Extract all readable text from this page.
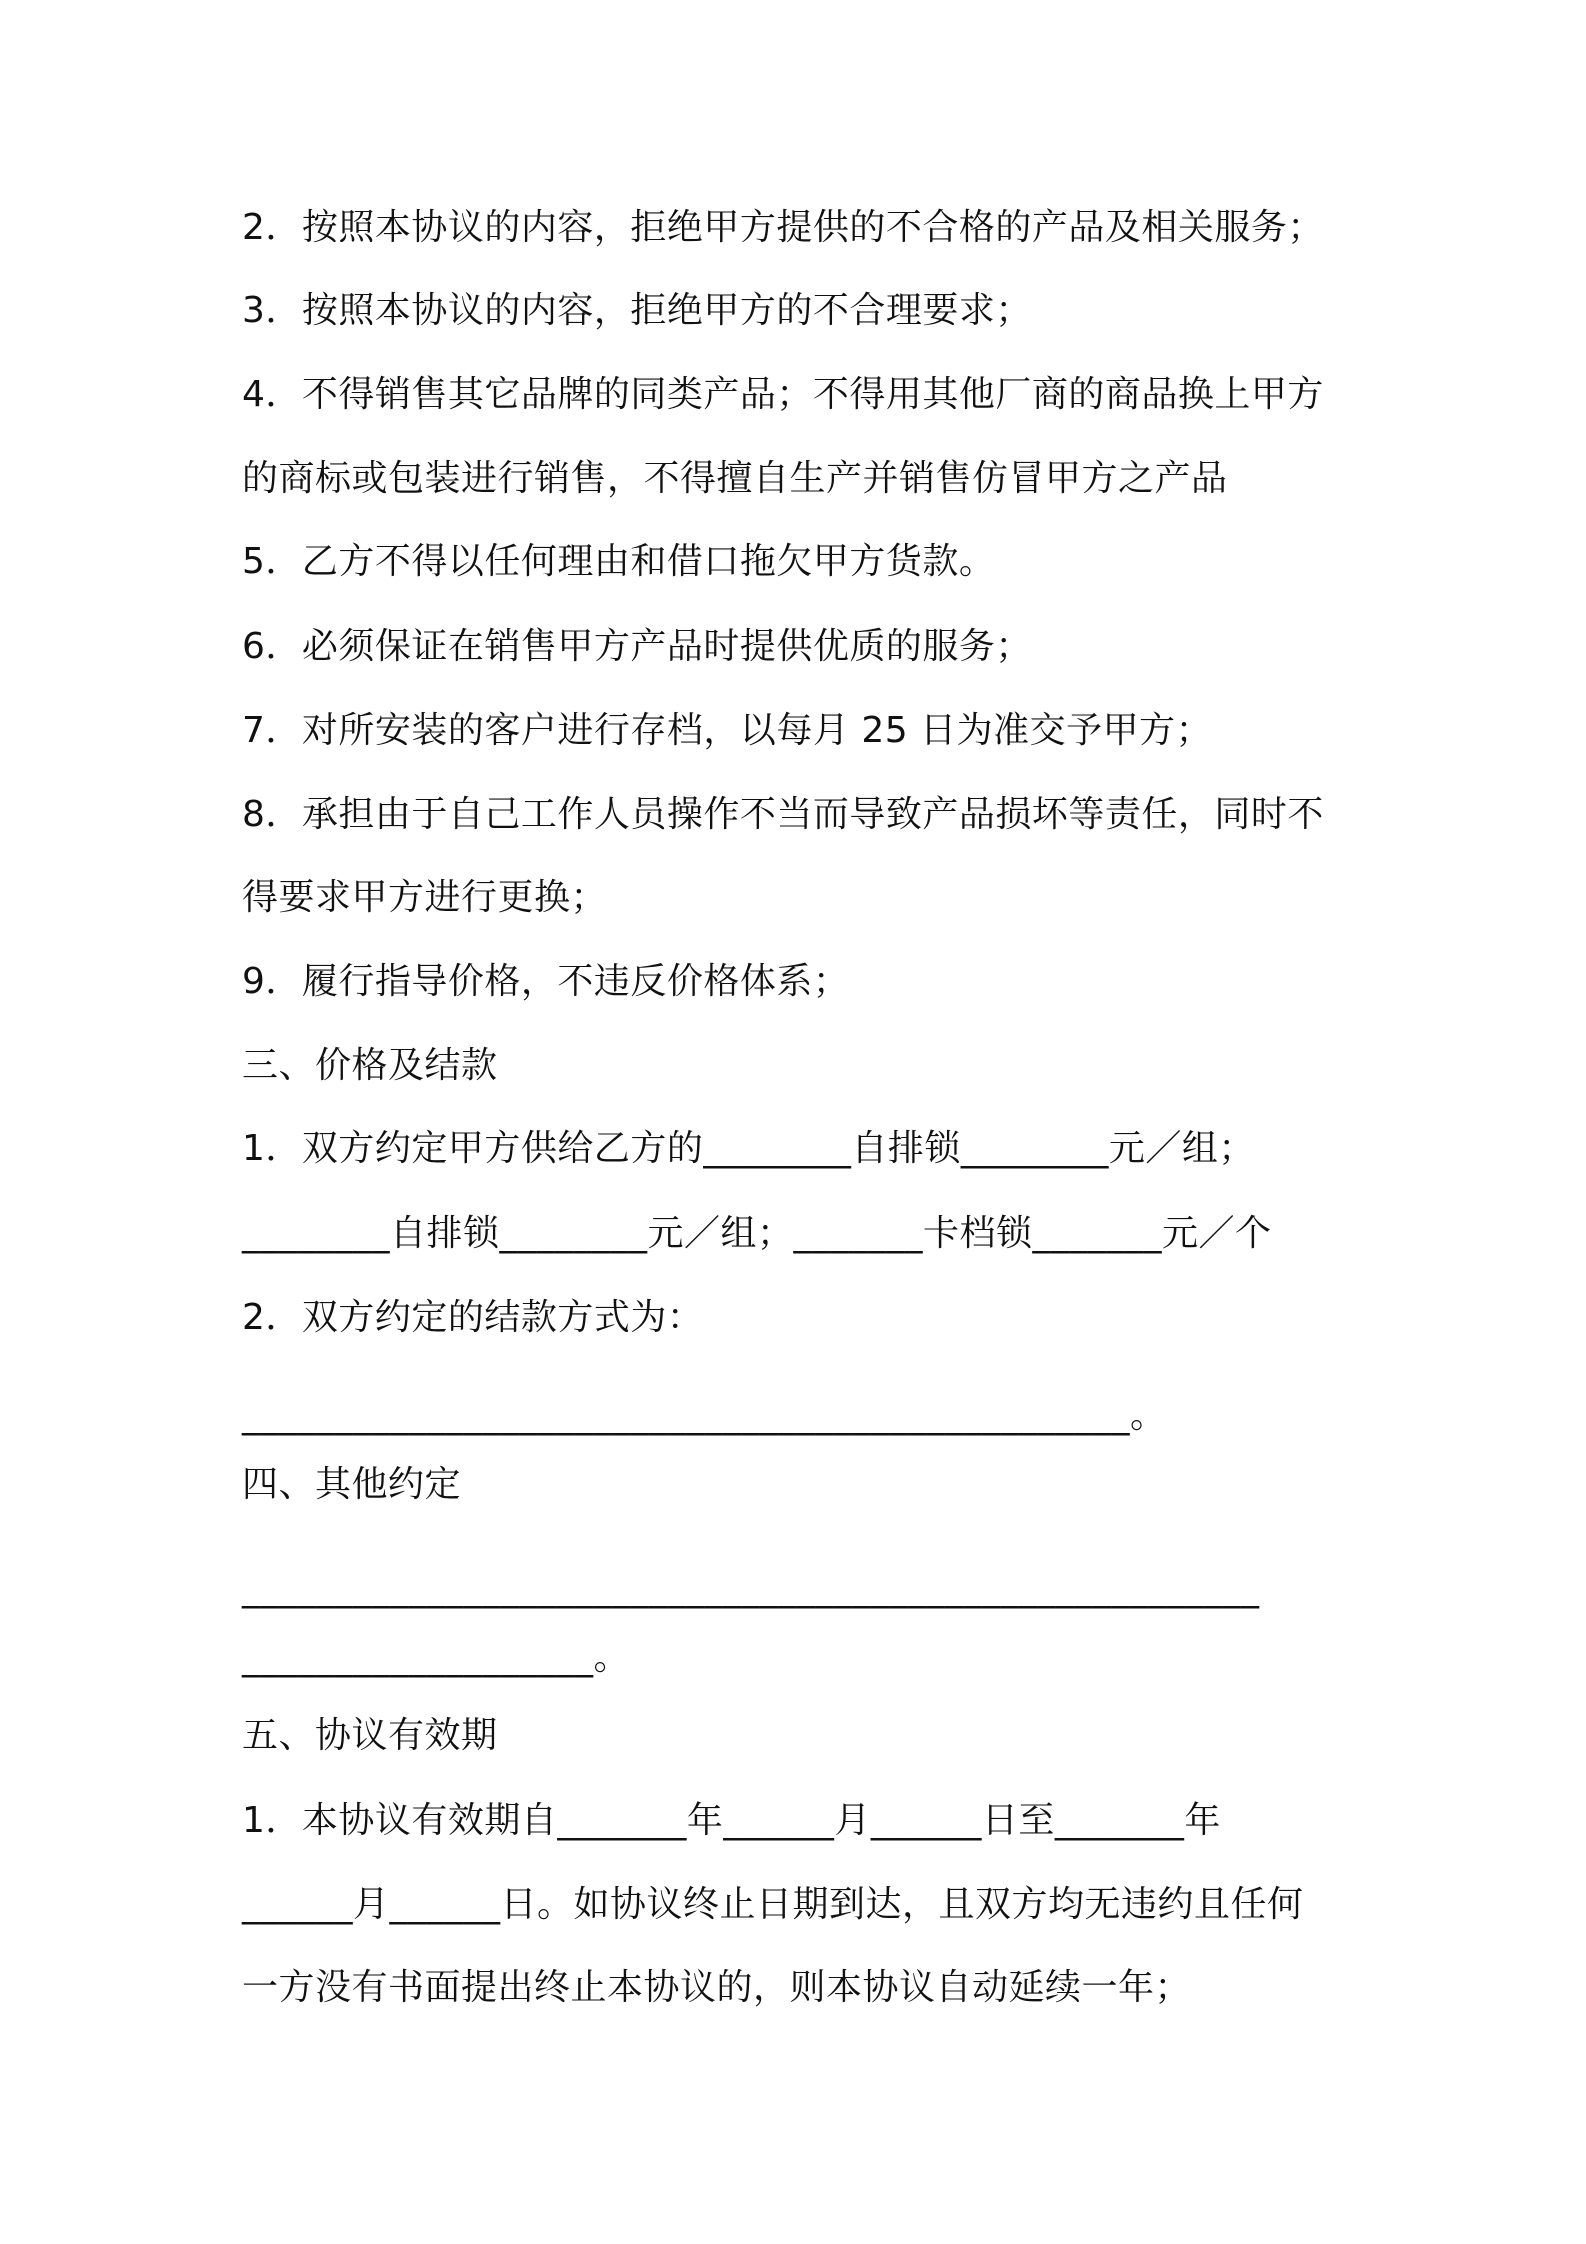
2．按照本协议的内容，拒绝甲方提供的不合格的产品及相关服务；
3．按照本协议的内容，拒绝甲方的不合理要求；
4．不得销售其它品牌的同类产品；不得用其他厂商的商品换上甲方
的商标或包装进行销售，不得擅自生产并销售仿冒甲方之产品
5．乙方不得以任何理由和借口拖欠甲方货款。
6．必须保证在销售甲方产品时提供优质的服务；
7．对所安装的客户进行存档，以每月 25 日为准交予甲方；
8．承担由于自己工作人员操作不当而导致产品损坏等责任，同时不
得要求甲方进行更换；
9．履行指导价格，不违反价格体系；
三、价格及结款
1．双方约定甲方供给乙方的________自排锁________元／组；
________自排锁________元／组；_______卡档锁_______元／个
2．双方约定的结款方式为：
________________________________________________。
四、其他约定
_______________________________________________________
___________________。
五、协议有效期
1．本协议有效期自_______年______月______日至_______年
______月______日。如协议终止日期到达，且双方均无违约且任何
一方没有书面提出终止本协议的，则本协议自动延续一年；
